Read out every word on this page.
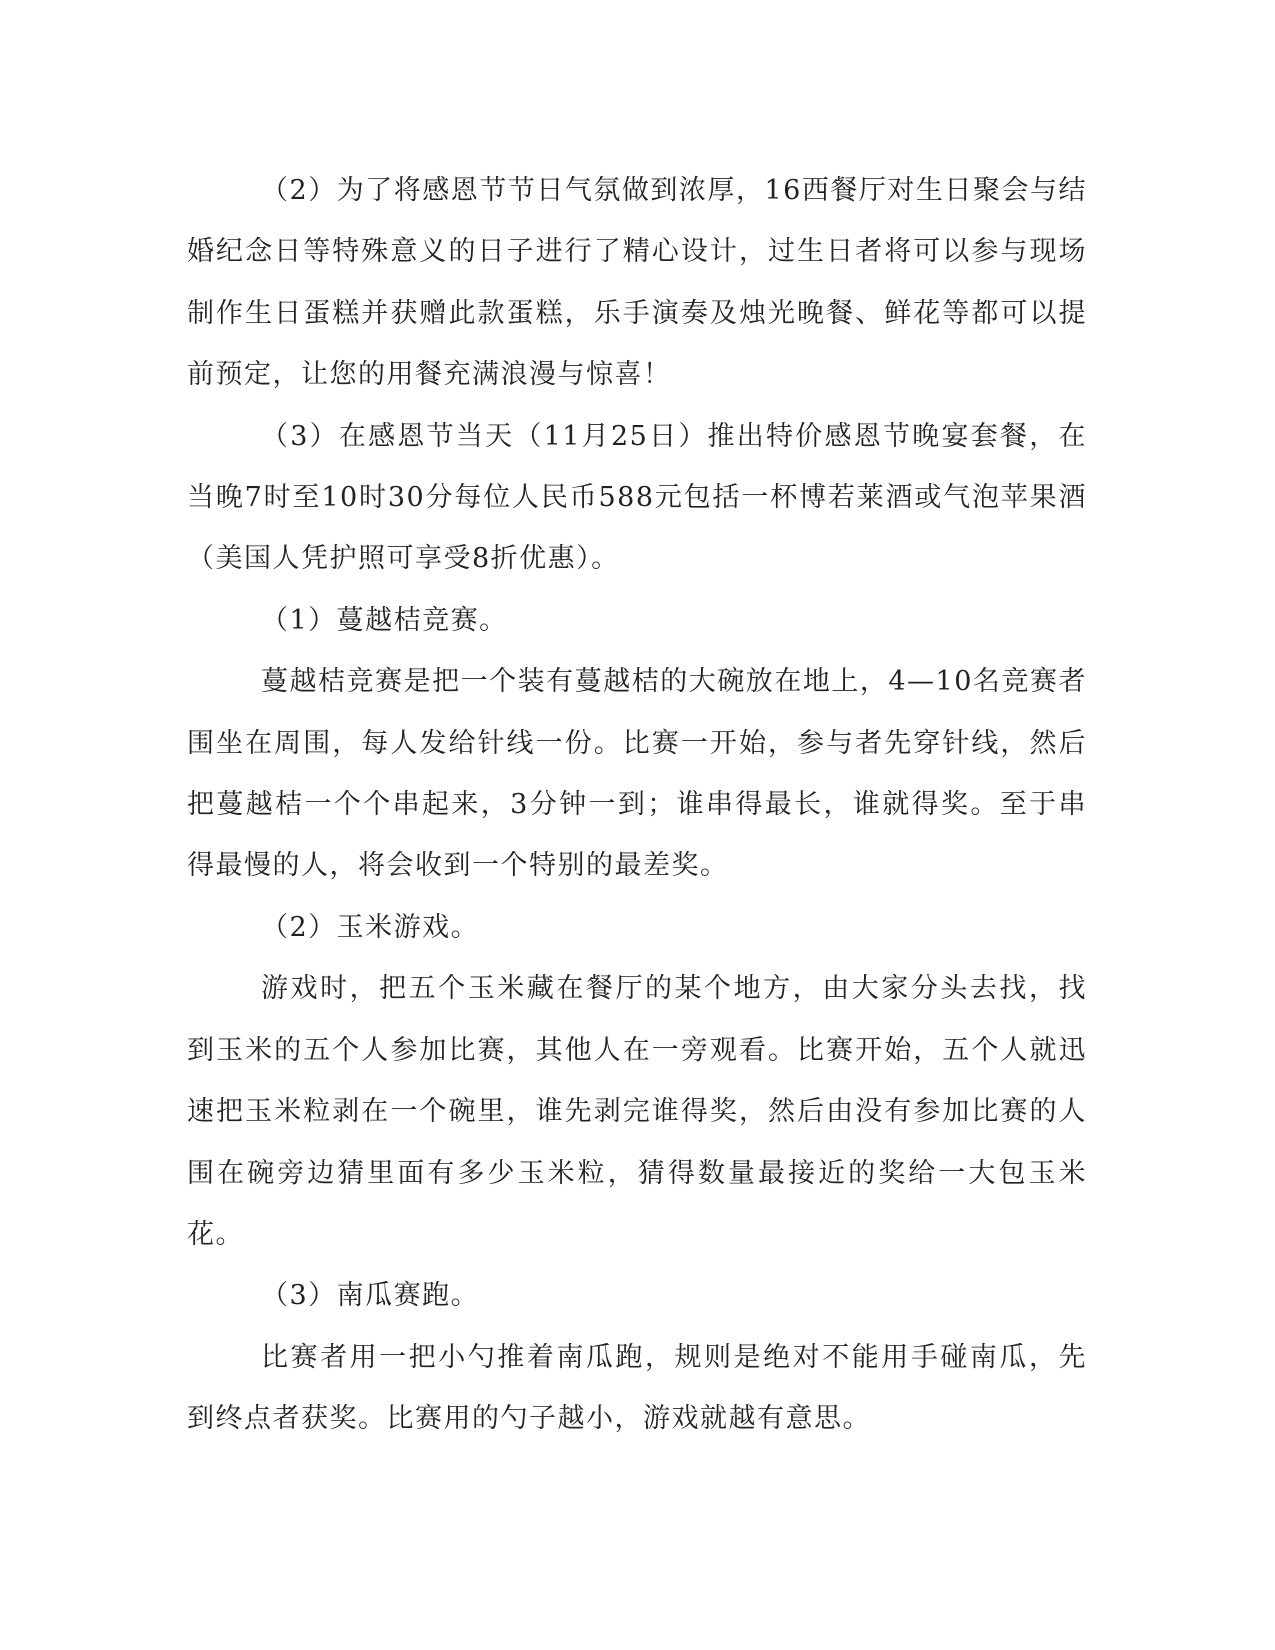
（2）为了将感恩节节日气氛做到浓厚，16西餐厅对生日聚会与结婚纪念日等特殊意义的日子进行了精心设计，过生日者将可以参与现场制作生日蛋糕并获赠此款蛋糕，乐手演奏及烛光晚餐、鲜花等都可以提前预定，让您的用餐充满浪漫与惊喜！

（3）在感恩节当天（11月25日）推出特价感恩节晚宴套餐，在当晚7时至10时30分每位人民币588元包括一杯博若莱酒或气泡苹果酒（美国人凭护照可享受8折优惠）。

（1）蔓越桔竞赛。

蔓越桔竞赛是把一个装有蔓越桔的大碗放在地上，4—10名竞赛者围坐在周围，每人发给针线一份。比赛一开始，参与者先穿针线，然后把蔓越桔一个个串起来，3分钟一到；谁串得最长，谁就得奖。至于串得最慢的人，将会收到一个特别的最差奖。

（2）玉米游戏。

游戏时，把五个玉米藏在餐厅的某个地方，由大家分头去找，找到玉米的五个人参加比赛，其他人在一旁观看。比赛开始，五个人就迅速把玉米粒剥在一个碗里，谁先剥完谁得奖，然后由没有参加比赛的人围在碗旁边猜里面有多少玉米粒，猜得数量最接近的奖给一大包玉米花。

（3）南瓜赛跑。

比赛者用一把小勺推着南瓜跑，规则是绝对不能用手碰南瓜，先到终点者获奖。比赛用的勺子越小，游戏就越有意思。
